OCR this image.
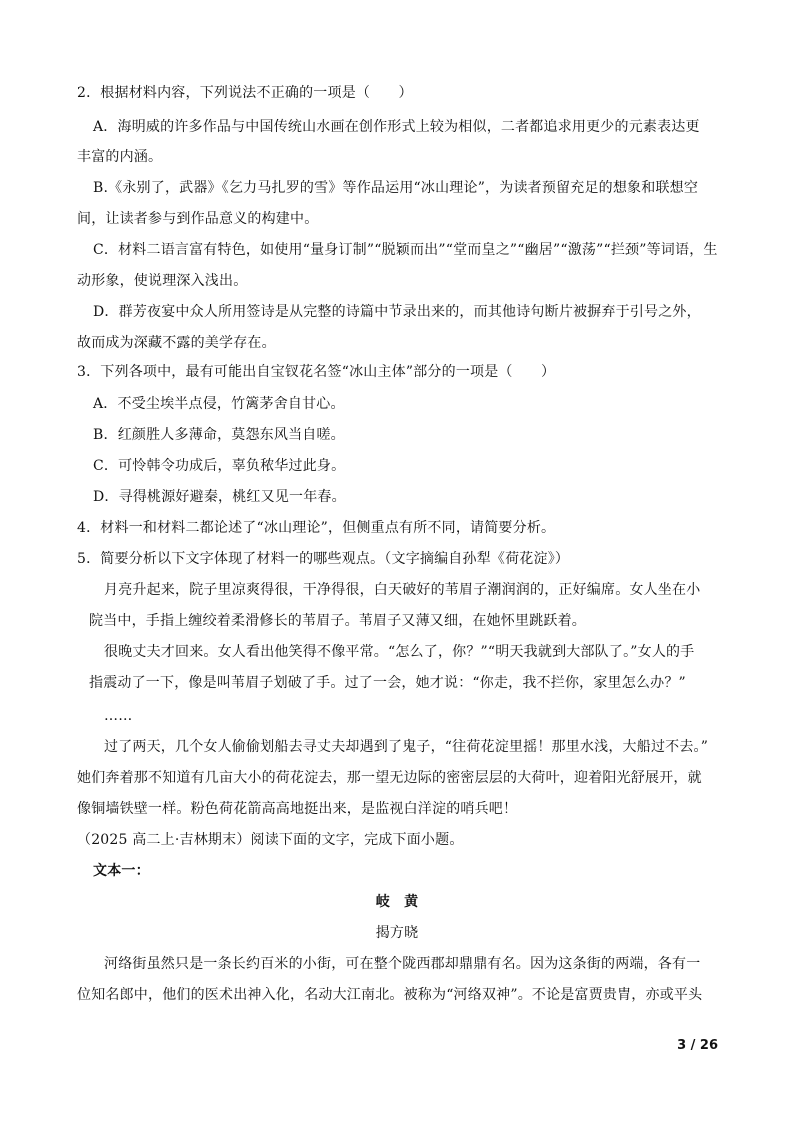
2．根据材料内容，下列说法不正确的一项是（　　）
A．海明威的许多作品与中国传统山水画在创作形式上较为相似，二者都追求用更少的元素表达更
丰富的内涵。
B.《永别了，武器》《乞力马扎罗的雪》等作品运用“冰山理论”，为读者预留充足的想象和联想空
间，让读者参与到作品意义的构建中。
C．材料二语言富有特色，如使用“量身订制”“脱颖而出”“堂而皇之”“幽居”“激荡”“拦颈”等词语，生
动形象，使说理深入浅出。
D．群芳夜宴中众人所用签诗是从完整的诗篇中节录出来的，而其他诗句断片被摒弃于引号之外，
故而成为深藏不露的美学存在。
3．下列各项中，最有可能出自宝钗花名签“冰山主体”部分的一项是（　　）
A．不受尘埃半点侵，竹篱茅舍自甘心。
B．红颜胜人多薄命，莫怨东风当自嗟。
C．可怜韩令功成后，辜负秾华过此身。
D．寻得桃源好避秦，桃红又见一年春。
4．材料一和材料二都论述了“冰山理论”，但侧重点有所不同，请简要分析。
5．简要分析以下文字体现了材料一的哪些观点。（文字摘编自孙犁《荷花淀》）
月亮升起来，院子里凉爽得很，干净得很，白天破好的苇眉子潮润润的，正好编席。女人坐在小
院当中，手指上缠绞着柔滑修长的苇眉子。苇眉子又薄又细，在她怀里跳跃着。
很晚丈夫才回来。女人看出他笑得不像平常。“怎么了，你？”“明天我就到大部队了。”女人的手
指震动了一下，像是叫苇眉子划破了手。过了一会，她才说：“你走，我不拦你，家里怎么办？”
……
过了两天，几个女人偷偷划船去寻丈夫却遇到了鬼子，“往荷花淀里摇！那里水浅，大船过不去。”
她们奔着那不知道有几亩大小的荷花淀去，那一望无边际的密密层层的大荷叶，迎着阳光舒展开，就
像铜墙铁壁一样。粉色荷花箭高高地挺出来，是监视白洋淀的哨兵吧！
（2025 高二上·吉林期末）阅读下面的文字，完成下面小题。
文本一：
岐　黄
揭方晓
河络街虽然只是一条长约百米的小街，可在整个陇西郡却鼎鼎有名。因为这条街的两端，各有一
位知名郎中，他们的医术出神入化，名动大江南北。被称为“河络双神”。不论是富贾贵胄，亦或平头
3 / 26
